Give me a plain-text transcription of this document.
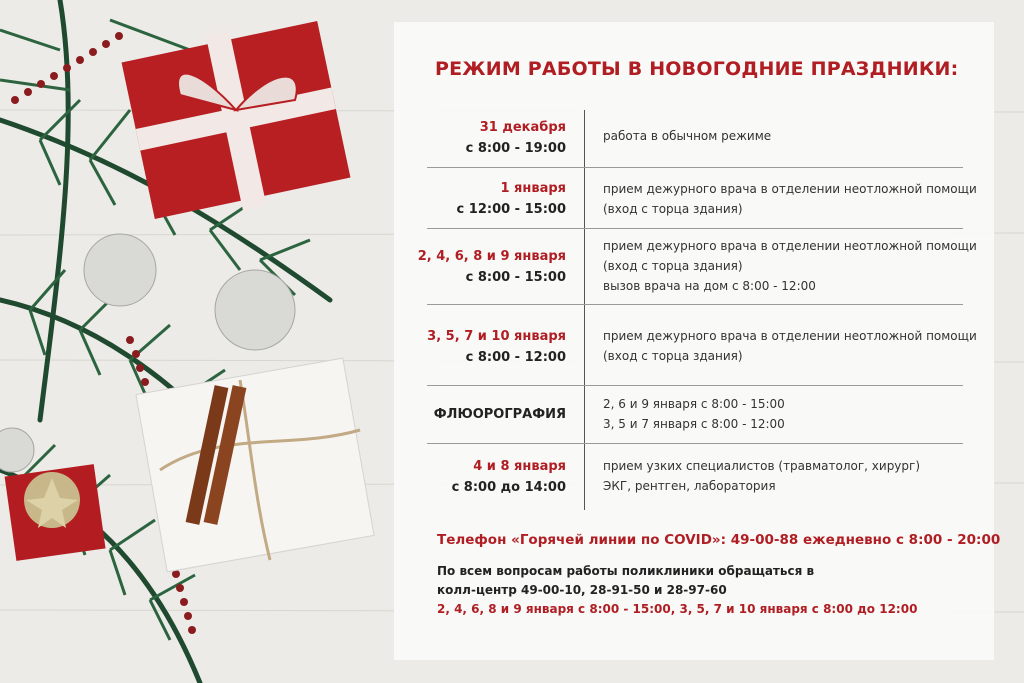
РЕЖИМ РАБОТЫ В НОВОГОДНИЕ ПРАЗДНИКИ:
31 декабря
с 8:00 - 19:00
работа в обычном режиме
1 января
с 12:00 - 15:00
прием дежурного врача в отделении неотложной помощи
(вход с торца здания)
2, 4, 6, 8 и 9 января
с 8:00 - 15:00
прием дежурного врача в отделении неотложной помощи
(вход с торца здания)
вызов врача на дом с 8:00 - 12:00
3, 5, 7 и 10 января
с 8:00 - 12:00
прием дежурного врача в отделении неотложной помощи
(вход с торца здания)
ФЛЮОРОГРАФИЯ
2, 6 и 9 января с 8:00 - 15:00
3, 5 и 7 января с 8:00 - 12:00
4 и 8 января
с 8:00 до 14:00
прием узких специалистов (травматолог, хирург)
ЭКГ, рентген, лаборатория
Телефон «Горячей линии по COVID»: 49-00-88 ежедневно с 8:00 - 20:00
По всем вопросам работы поликлиники обращаться в
колл-центр 49-00-10, 28-91-50 и 28-97-60
2, 4, 6, 8 и 9 января с 8:00 - 15:00, 3, 5, 7 и 10 января с 8:00 до 12:00
